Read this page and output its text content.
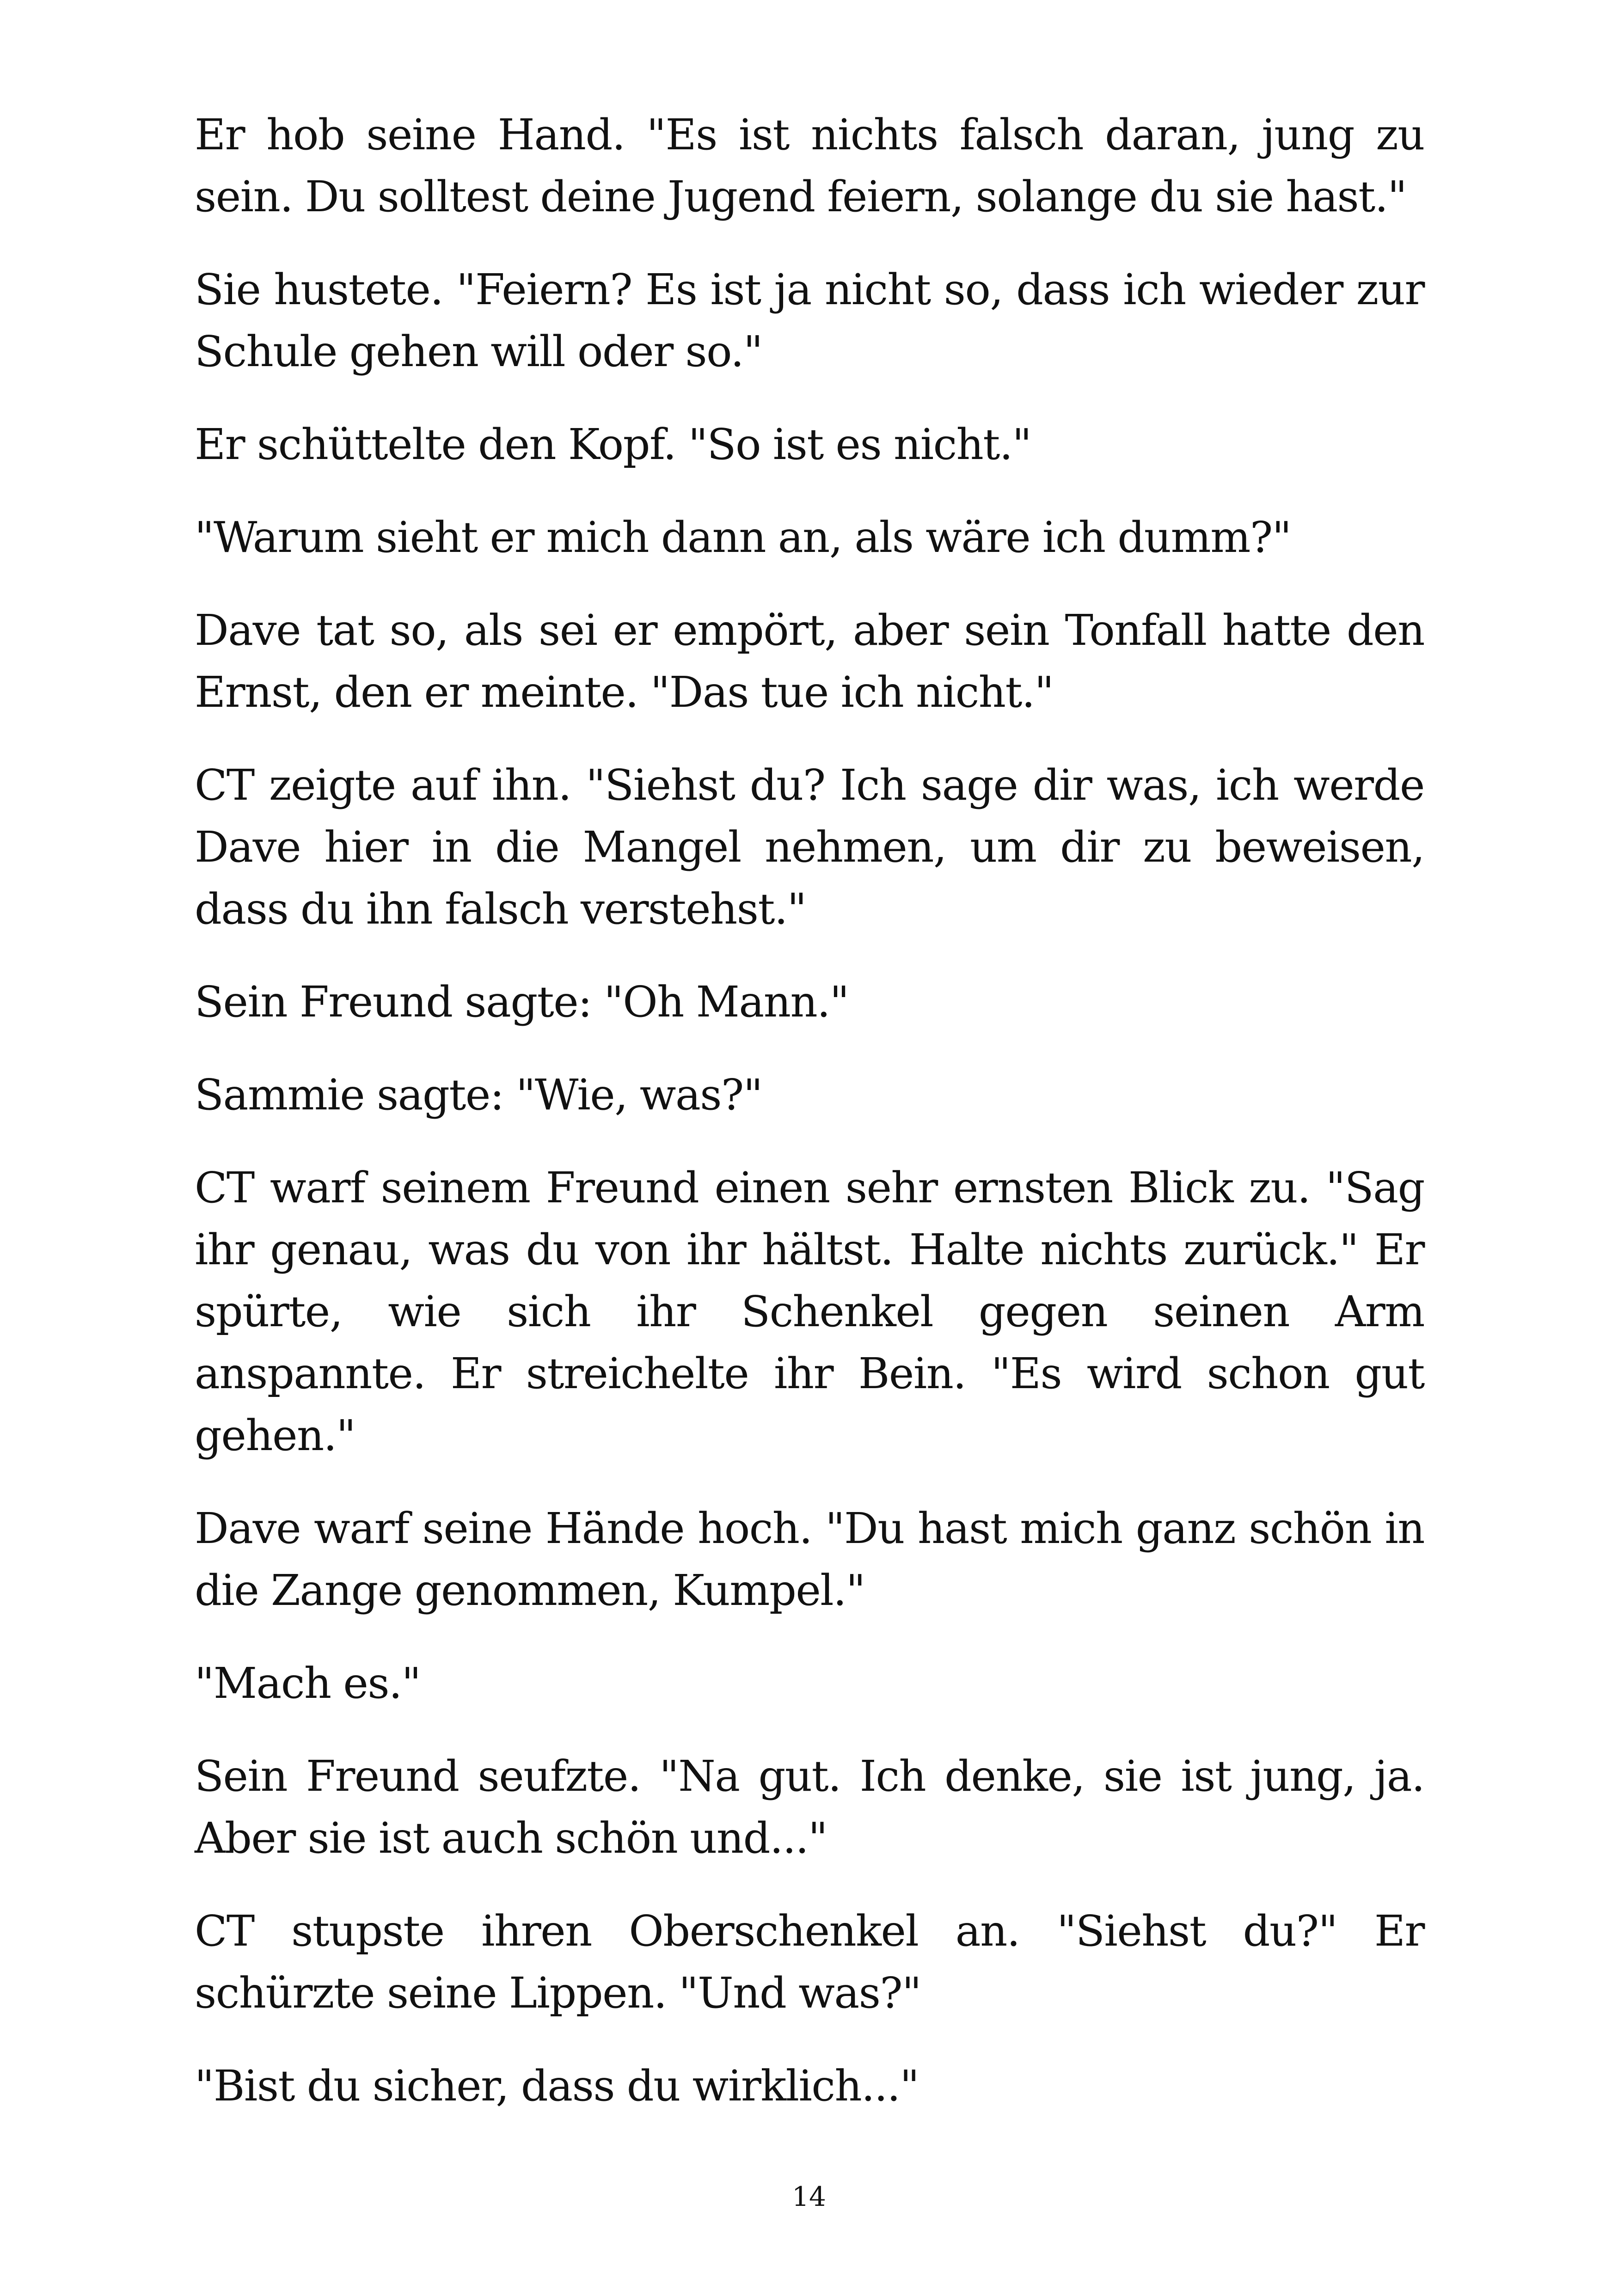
Er hob seine Hand. "Es ist nichts falsch daran, jung zu sein. Du solltest deine Jugend feiern, solange du sie hast."

Sie hustete. "Feiern? Es ist ja nicht so, dass ich wieder zur Schule gehen will oder so."

Er schüttelte den Kopf. "So ist es nicht."

"Warum sieht er mich dann an, als wäre ich dumm?"

Dave tat so, als sei er empört, aber sein Tonfall hatte den Ernst, den er meinte. "Das tue ich nicht."

CT zeigte auf ihn. "Siehst du? Ich sage dir was, ich werde Dave hier in die Mangel nehmen, um dir zu beweisen, dass du ihn falsch verstehst."

Sein Freund sagte: "Oh Mann."

Sammie sagte: "Wie, was?"

CT warf seinem Freund einen sehr ernsten Blick zu. "Sag ihr genau, was du von ihr hältst. Halte nichts zurück." Er spürte, wie sich ihr Schenkel gegen seinen Arm anspannte. Er streichelte ihr Bein. "Es wird schon gut gehen."

Dave warf seine Hände hoch. "Du hast mich ganz schön in die Zange genommen, Kumpel."

"Mach es."

Sein Freund seufzte. "Na gut. Ich denke, sie ist jung, ja. Aber sie ist auch schön und..."

CT stupste ihren Oberschenkel an. "Siehst du?" Er schürzte seine Lippen. "Und was?"

"Bist du sicher, dass du wirklich..."

14
